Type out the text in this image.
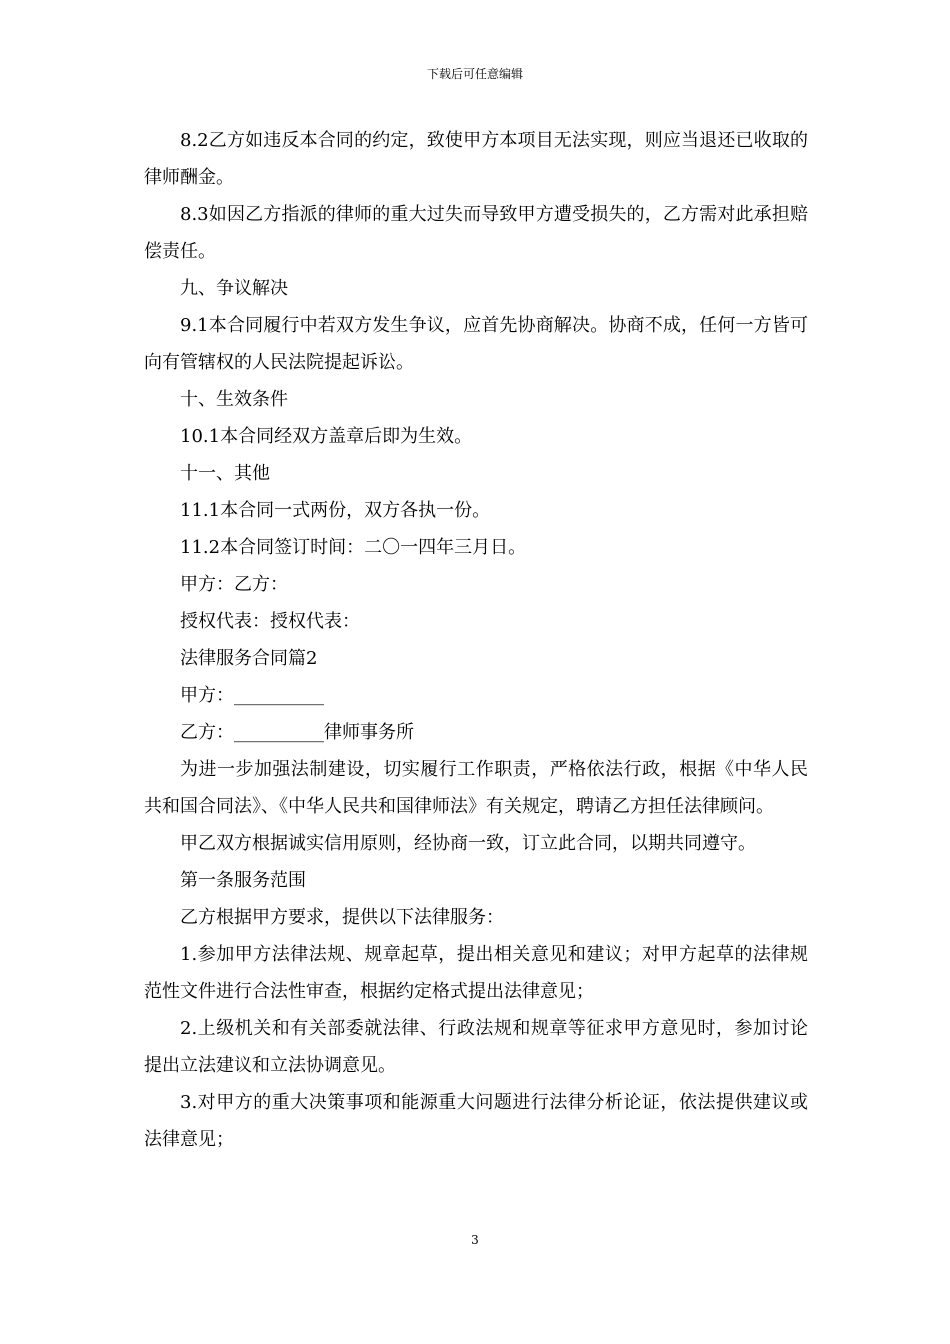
下载后可任意编辑

8.2乙方如违反本合同的约定，致使甲方本项目无法实现，则应当退还已收取的律师酬金。

8.3如因乙方指派的律师的重大过失而导致甲方遭受损失的，乙方需对此承担赔偿责任。

九、争议解决

9.1本合同履行中若双方发生争议，应首先协商解决。协商不成，任何一方皆可向有管辖权的人民法院提起诉讼。

十、生效条件

10.1本合同经双方盖章后即为生效。

十一、其他

11.1本合同一式两份，双方各执一份。

11.2本合同签订时间：二〇一四年三月日。

甲方：乙方：

授权代表：授权代表：

法律服务合同篇2

甲方：__________

乙方：__________律师事务所

为进一步加强法制建设，切实履行工作职责，严格依法行政，根据《中华人民共和国合同法》、《中华人民共和国律师法》有关规定，聘请乙方担任法律顾问。

甲乙双方根据诚实信用原则，经协商一致，订立此合同，以期共同遵守。

第一条服务范围

乙方根据甲方要求，提供以下法律服务：

1.参加甲方法律法规、规章起草，提出相关意见和建议；对甲方起草的法律规范性文件进行合法性审查，根据约定格式提出法律意见；

2.上级机关和有关部委就法律、行政法规和规章等征求甲方意见时，参加讨论提出立法建议和立法协调意见。

3.对甲方的重大决策事项和能源重大问题进行法律分析论证，依法提供建议或法律意见；

3
